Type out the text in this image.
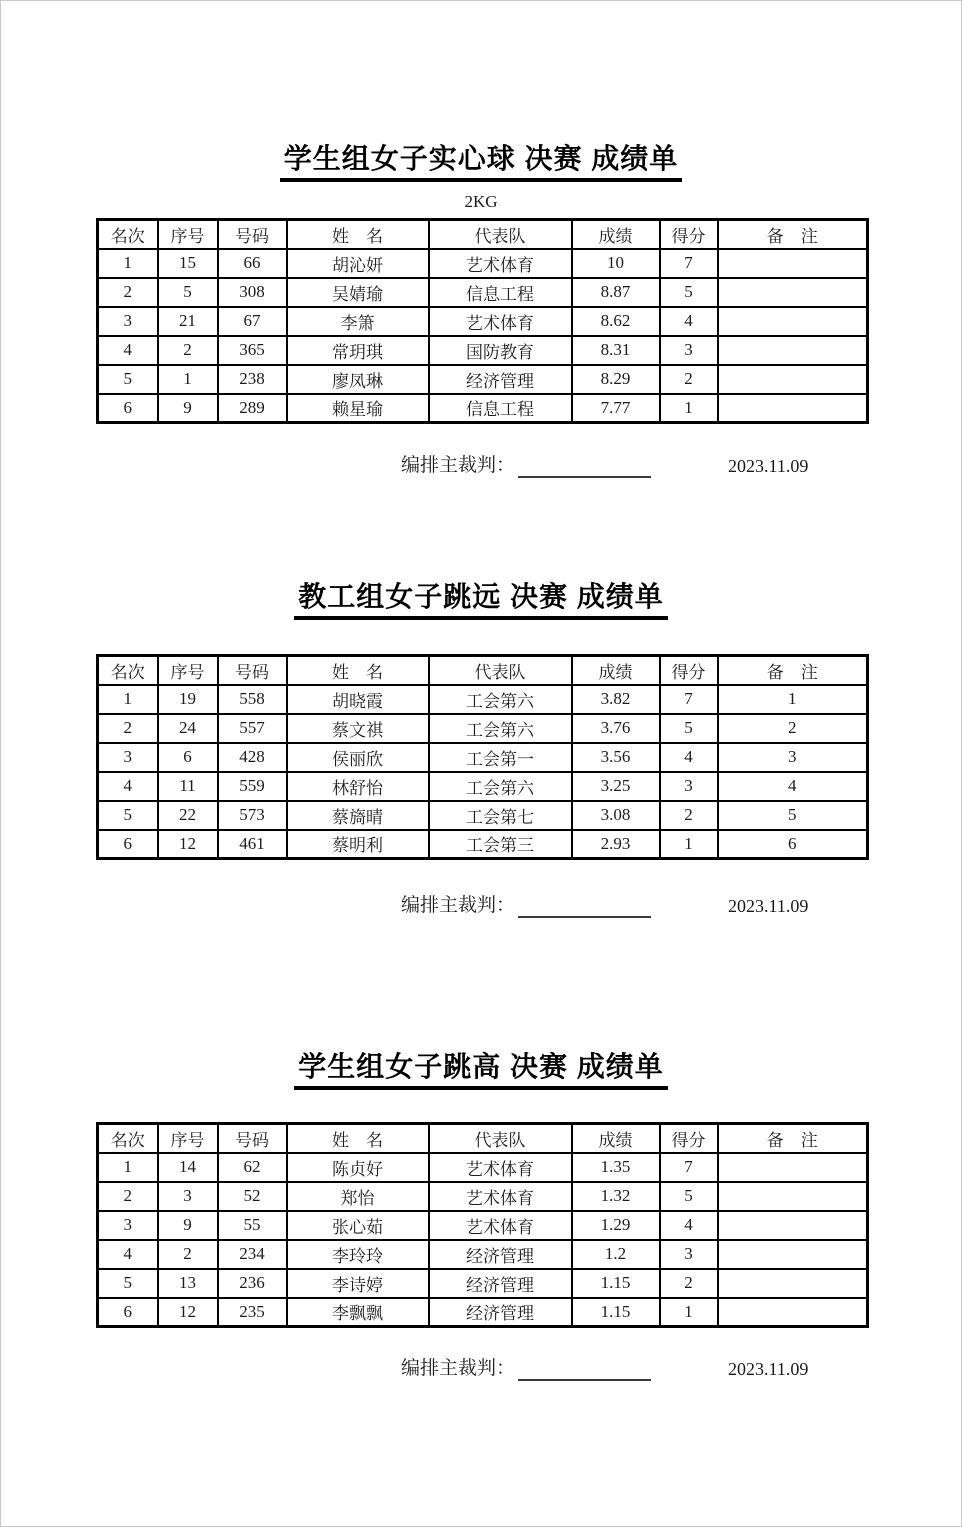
学生组女子实心球 决赛 成绩单
2KG
名次	序号	号码	姓　名	代表队	成绩	得分	备　注
1	15	66	胡沁妍	艺术体育	10	7	
2	5	308	吴婧瑜	信息工程	8.87	5	
3	21	67	李箫	艺术体育	8.62	4	
4	2	365	常玥琪	国防教育	8.31	3	
5	1	238	廖凤琳	经济管理	8.29	2	
6	9	289	赖星瑜	信息工程	7.77	1	
编排主裁判：	2023.11.09
教工组女子跳远 决赛 成绩单
名次	序号	号码	姓　名	代表队	成绩	得分	备　注
1	19	558	胡晓霞	工会第六	3.82	7	1
2	24	557	蔡文祺	工会第六	3.76	5	2
3	6	428	侯丽欣	工会第一	3.56	4	3
4	11	559	林舒怡	工会第六	3.25	3	4
5	22	573	蔡旖晴	工会第七	3.08	2	5
6	12	461	蔡明利	工会第三	2.93	1	6
编排主裁判：	2023.11.09
学生组女子跳高 决赛 成绩单
名次	序号	号码	姓　名	代表队	成绩	得分	备　注
1	14	62	陈贞好	艺术体育	1.35	7	
2	3	52	郑怡	艺术体育	1.32	5	
3	9	55	张心茹	艺术体育	1.29	4	
4	2	234	李玲玲	经济管理	1.2	3	
5	13	236	李诗婷	经济管理	1.15	2	
6	12	235	李飘飘	经济管理	1.15	1	
编排主裁判：	2023.11.09
